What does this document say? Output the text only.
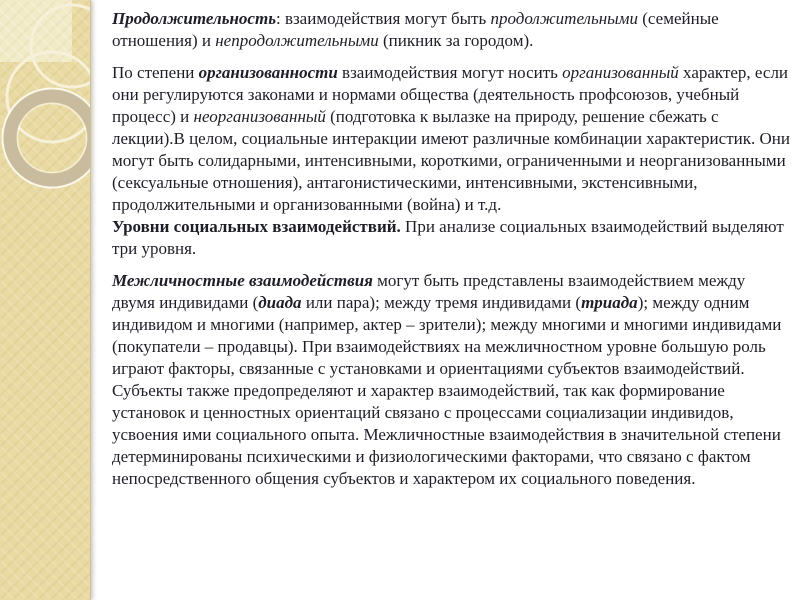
Продолжительность: взаимодействия могут быть продолжительными (семейные отношения) и непродолжительными (пикник за городом).

По степени организованности взаимодействия могут носить организованный характер, если они регулируются законами и нормами общества (деятельность профсоюзов, учебный процесс) и неорганизованный (подготовка к вылазке на природу, решение сбежать с лекции).В целом, социальные интеракции имеют различные комбинации характеристик. Они могут быть солидарными, интенсивными, короткими, ограниченными и неорганизованными (сексуальные отношения), антагонистическими, интенсивными, экстенсивными, продолжительными и организованными (война) и т.д.

Уровни социальных взаимодействий. При анализе социальных взаимодействий выделяют три уровня.

Межличностные взаимодействия могут быть представлены взаимодействием между двумя индивидами (диада или пара); между тремя индивидами (триада); между одним индивидом и многими (например, актер – зрители); между многими и многими индивидами (покупатели – продавцы). При взаимодействиях на межличностном уровне большую роль играют факторы, связанные с установками и ориентациями субъектов взаимодействий. Субъекты также предопределяют и характер взаимодействий, так как формирование установок и ценностных ориентаций связано с процессами социализации индивидов, усвоения ими социального опыта. Межличностные взаимодействия в значительной степени детерминированы психическими и физиологическими факторами, что связано с фактом непосредственного общения субъектов и характером их социального поведения.
